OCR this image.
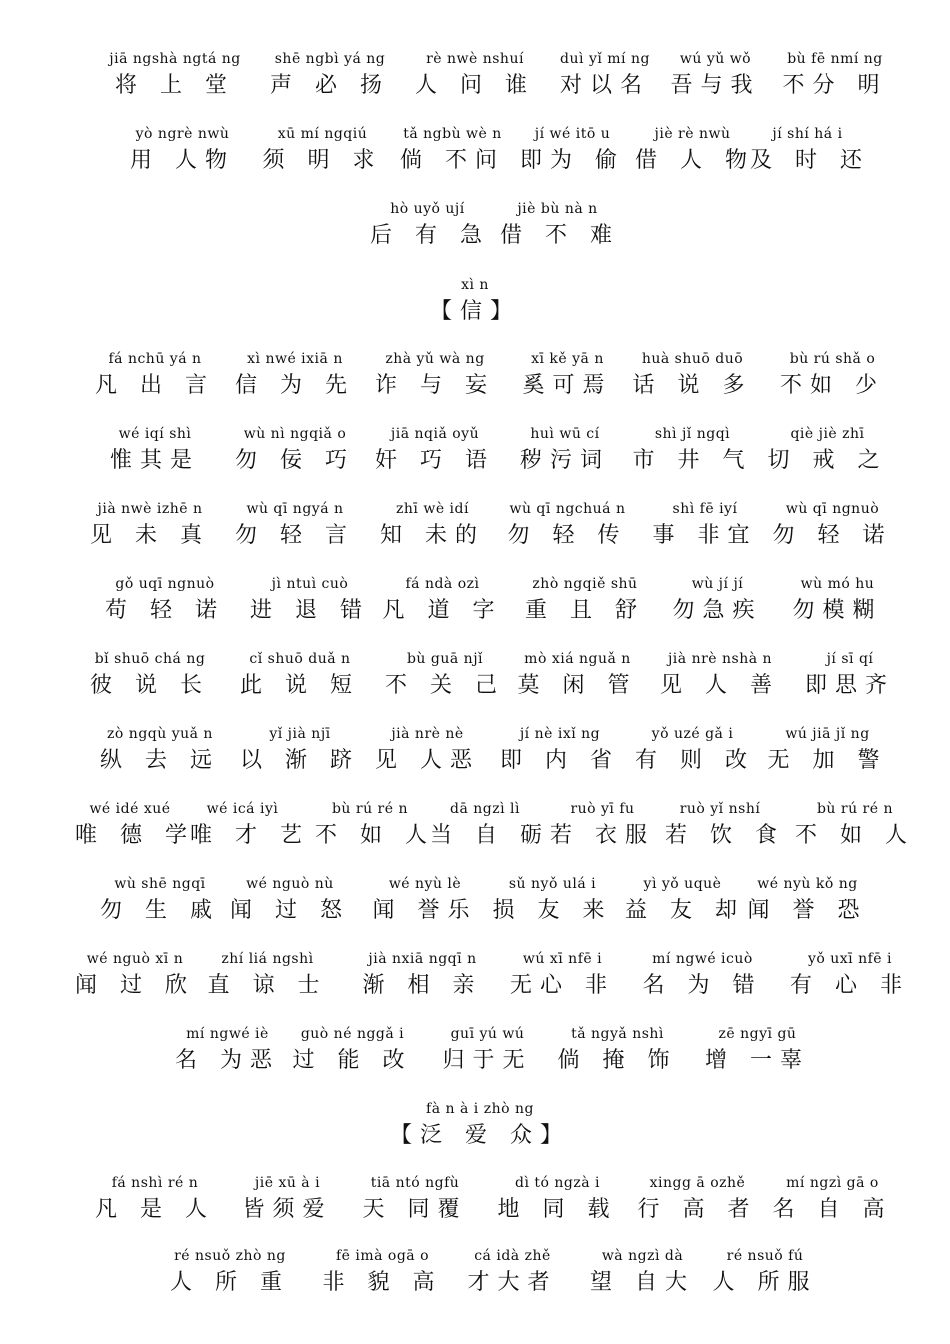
jiā ngshà ngtá ng
将 上 堂
shē ngbì yá ng
声 必 扬
rè nwè nshuí
人 问 谁
duì yǐ mí ng
对以名
wú yǔ wǒ
吾与我
bù fē nmí ng
不分 明
yò ngrè nwù
用 人物
xū mí ngqiú
须 明 求
tǎ ngbù wè n
倘 不问
jí wé itō u
即为 偷
jiè rè nwù
借 人 物
jí shí há i
及 时 还
hò uyǒ ují
后 有 急
jiè bù nà n
借 不 难
xì n
【信】
fá nchū yá n
凡 出 言
xì nwé ixiā n
信 为 先
zhà yǔ wà ng
诈 与 妄
xī kě yā n
奚可焉
huà shuō duō
话 说 多
bù rú shǎ o
不如 少
wé iqí shì
惟其是
wù nì ngqiǎ o
勿 佞 巧
jiā nqiǎ oyǔ
奸 巧 语
huì wū cí
秽污词
shì jǐ ngqì
市 井 气
qiè jiè zhī
切 戒 之
jià nwè izhē n
见 未 真
wù qī ngyá n
勿 轻 言
zhī wè idí
知 未的
wù qī ngchuá n
勿 轻 传
shì fē iyí
事 非宜
wù qī ngnuò
勿 轻 诺
gǒ uqī ngnuò
苟 轻 诺
jì ntuì cuò
进 退 错
fá ndà ozì
凡 道 字
zhò ngqiě shū
重 且 舒
wù jí jí
勿急疾
wù mó hu
勿模糊
bǐ shuō chá ng
彼 说 长
cǐ shuō duǎ n
此 说 短
bù guā njǐ
不 关 己
mò xiá nguǎ n
莫 闲 管
jià nrè nshà n
见 人 善
jí sī qí
即思齐
zò ngqù yuǎ n
纵 去 远
yǐ jià njī
以 渐 跻
jià nrè nè
见 人恶
jí nè ixǐ ng
即 内 省
yǒ uzé gǎ i
有 则 改
wú jiā jǐ ng
无 加 警
wé idé xué
唯 德 学
wé icá iyì
唯 才 艺
bù rú ré n
不 如 人
dā ngzì lì
当 自 砺
ruò yī fu
若 衣服
ruò yǐ nshí
若 饮 食
bù rú ré n
不 如 人
wù shē ngqī
勿 生 戚
wé nguò nù
闻 过 怒
wé nyù lè
闻 誉乐
sǔ nyǒ ulá i
损 友 来
yì yǒ uquè
益 友 却
wé nyù kǒ ng
闻 誉 恐
wé nguò xī n
闻 过 欣
zhí liá ngshì
直 谅 士
jià nxiā ngqī n
渐 相 亲
wú xī nfē i
无心 非
mí ngwé icuò
名 为 错
yǒ uxī nfē i
有 心 非
mí ngwé iè
名 为恶
guò né nggǎ i
过 能 改
guī yú wú
归于无
tǎ ngyǎ nshì
倘 掩 饰
zē ngyī gū
增 一辜
fà n à i zhò ng
【泛 爱 众】
fá nshì ré n
凡 是 人
jiē xū à i
皆须爱
tiā ntó ngfù
天 同覆
dì tó ngzà i
地 同 载
xingg ā ozhě
行 高 者
mí ngzì gā o
名 自 高
ré nsuǒ zhò ng
人 所 重
fē imà ogā o
非 貌 高
cá idà zhě
才大者
wà ngzì dà
望 自大
ré nsuǒ fú
人 所服
